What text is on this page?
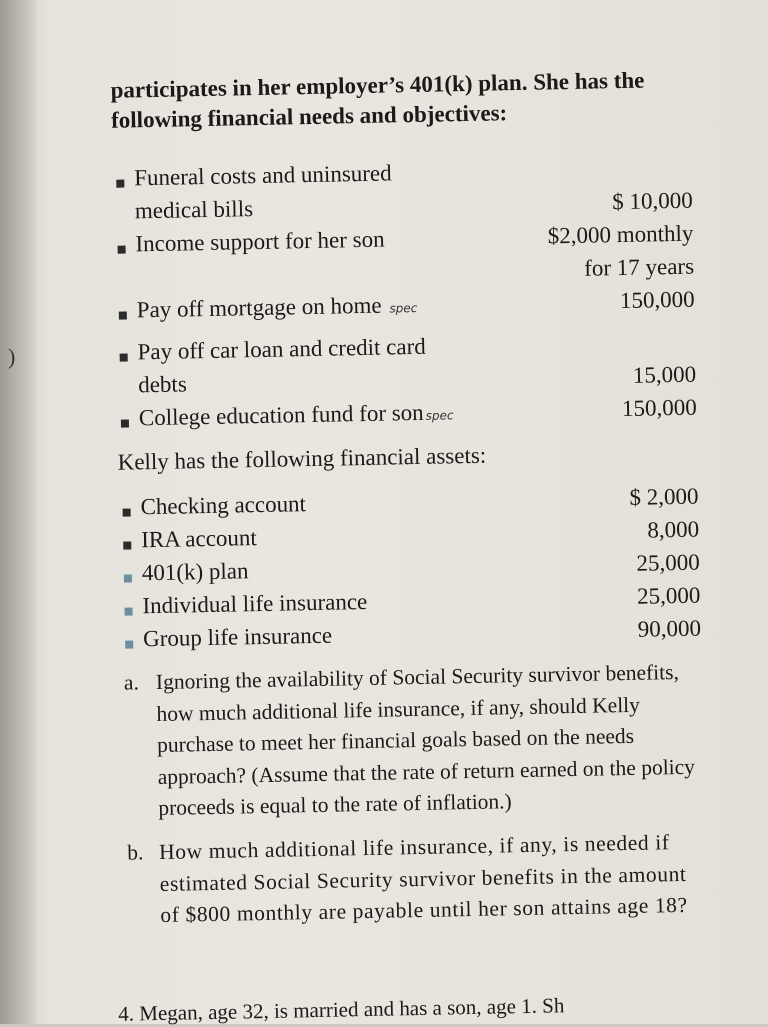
)
participates in her employer’s 401(k) plan. She has the following financial needs and objectives:
Funeral costs and uninsured
medical bills	$ 10,000
Income support for her son	$2,000 monthly
for 17 years
Pay off mortgage on home spec	150,000
Pay off car loan and credit card
debts	15,000
College education fund for son spec	150,000
Kelly has the following financial assets:
Checking account	$ 2,000
IRA account	8,000
401(k) plan	25,000
Individual life insurance	25,000
Group life insurance	90,000
a. Ignoring the availability of Social Security survivor benefits, how much additional life insurance, if any, should Kelly purchase to meet her financial goals based on the needs approach? (Assume that the rate of return earned on the policy proceeds is equal to the rate of inflation.)
b. How much additional life insurance, if any, is needed if estimated Social Security survivor benefits in the amount of $800 monthly are payable until her son attains age 18?
4. Megan, age 32, is married and has a son, age 1. Sh
